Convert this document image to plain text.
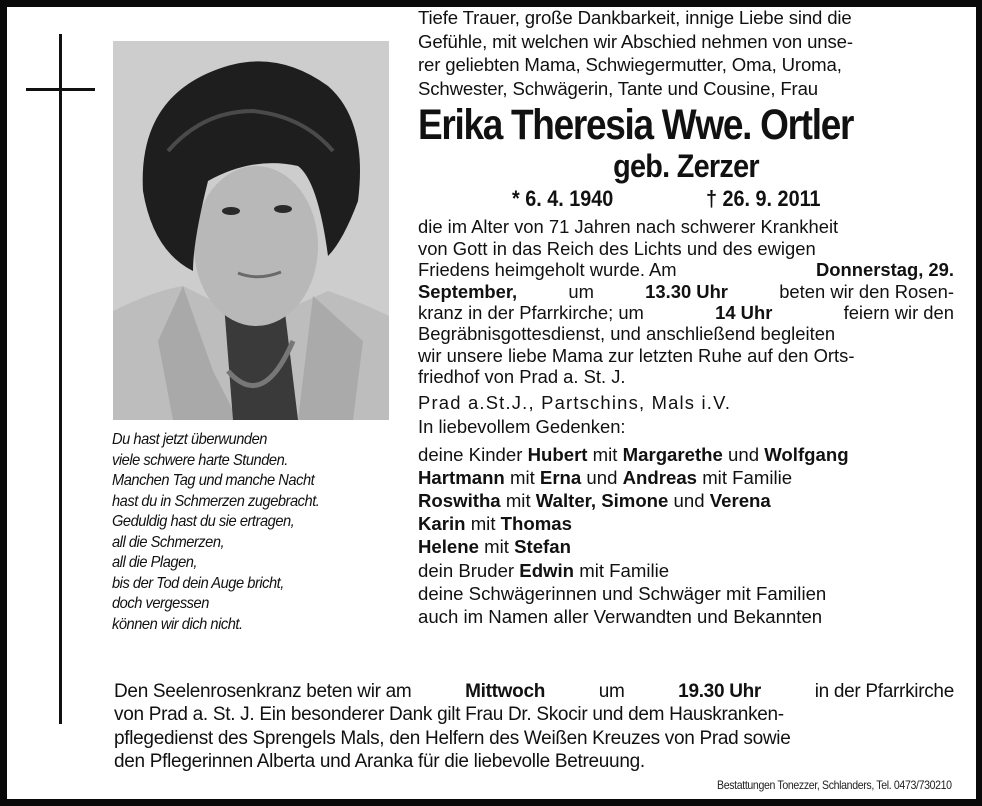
Du hast jetzt überwunden
viele schwere harte Stunden.
Manchen Tag und manche Nacht
hast du in Schmerzen zugebracht.
Geduldig hast du sie ertragen,
all die Schmerzen,
all die Plagen,
bis der Tod dein Auge bricht,
doch vergessen
können wir dich nicht.
Tiefe Trauer, große Dankbarkeit, innige Liebe sind die
Gefühle, mit welchen wir Abschied nehmen von unse-
rer geliebten Mama, Schwiegermutter, Oma, Uroma,
Schwester, Schwägerin, Tante und Cousine, Frau
Erika Theresia Wwe. Ortler
geb. Zerzer
* 6. 4. 1940	† 26. 9. 2011
die im Alter von 71 Jahren nach schwerer Krankheit
von Gott in das Reich des Lichts und des ewigen
Friedens heimgeholt wurde. Am	Donnerstag, 29.
September,	um	13.30 Uhr	beten wir den Rosen-
kranz in der Pfarrkirche; um	14 Uhr	feiern wir den
Begräbnisgottesdienst, und anschließend begleiten
wir unsere liebe Mama zur letzten Ruhe auf den Orts-
friedhof von Prad a. St. J.
Prad a.St.J., Partschins, Mals i.V.
In liebevollem Gedenken:
deine Kinder Hubert mit Margarethe und Wolfgang
Hartmann mit Erna und Andreas mit Familie
Roswitha mit Walter, Simone und Verena
Karin mit Thomas
Helene mit Stefan
dein Bruder Edwin mit Familie
deine Schwägerinnen und Schwäger mit Familien
auch im Namen aller Verwandten und Bekannten
Den Seelenrosenkranz beten wir am	Mittwoch	um	19.30 Uhr	in der Pfarrkirche
von Prad a. St. J. Ein besonderer Dank gilt Frau Dr. Skocir und dem Hauskranken-
pflegedienst des Sprengels Mals, den Helfern des Weißen Kreuzes von Prad sowie
den Pflegerinnen Alberta und Aranka für die liebevolle Betreuung.
Bestattungen Tonezzer, Schlanders, Tel. 0473/730210
